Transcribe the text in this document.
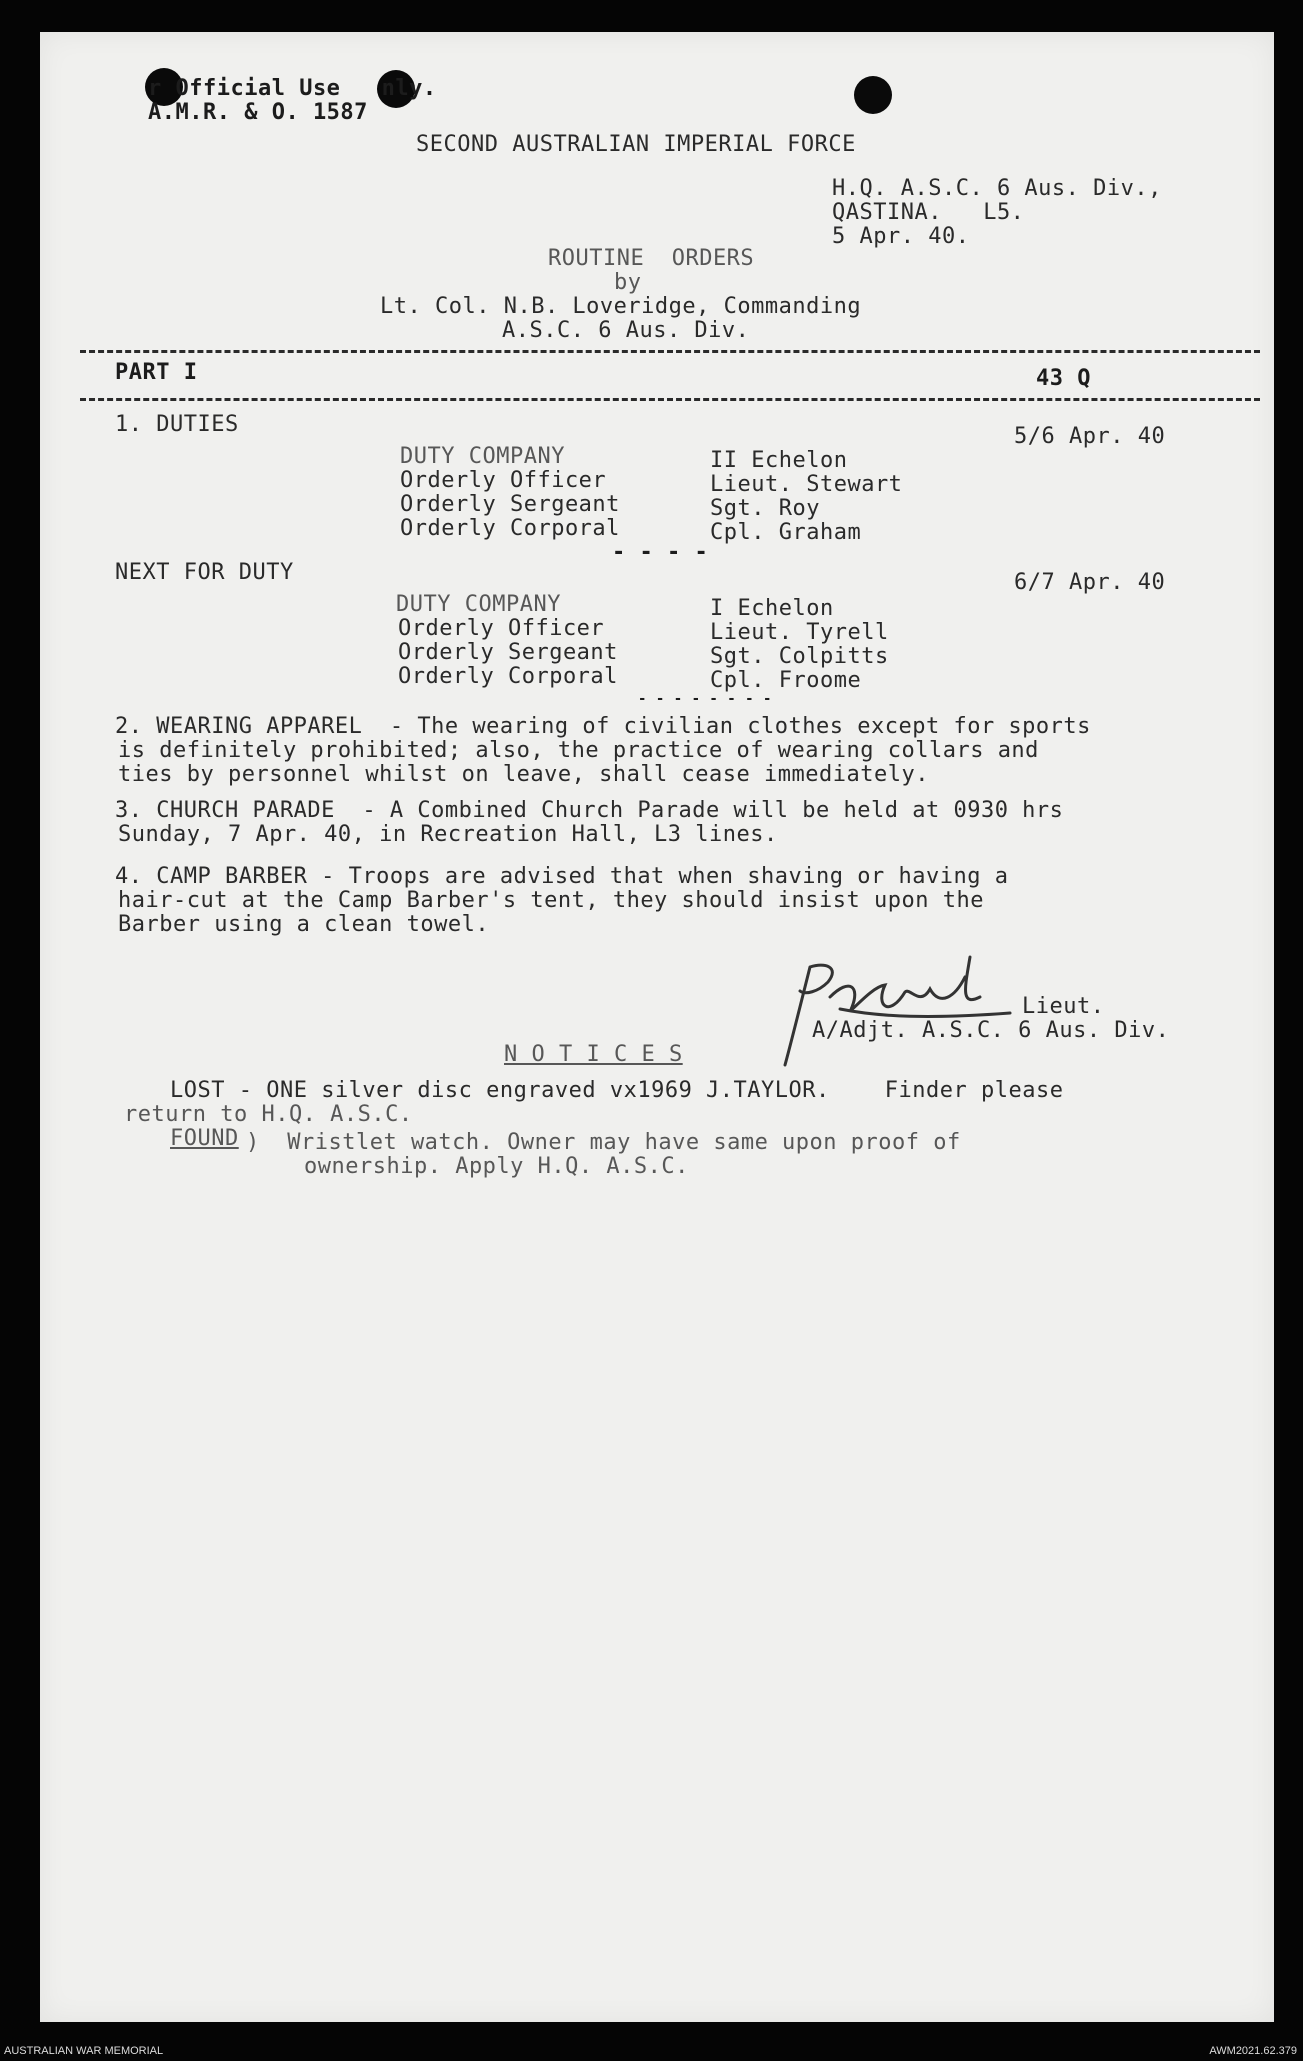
r Official Use   nly.
A.M.R. & O. 1587
SECOND AUSTRALIAN IMPERIAL FORCE
H.Q. A.S.C. 6 Aus. Div.,
QASTINA.   L5.
5 Apr. 40.
ROUTINE  ORDERS
by
Lt. Col. N.B. Loveridge, Commanding
A.S.C. 6 Aus. Div.
PART I	43 Q
1. DUTIES	5/6 Apr. 40
DUTY COMPANY	II Echelon
Orderly Officer	Lieut. Stewart
Orderly Sergeant	Sgt. Roy
Orderly Corporal	Cpl. Graham
- - - -
NEXT FOR DUTY	6/7 Apr. 40
DUTY COMPANY	I Echelon
Orderly Officer	Lieut. Tyrell
Orderly Sergeant	Sgt. Colpitts
Orderly Corporal	Cpl. Froome
- - - - - - - -
2. WEARING APPAREL  - The wearing of civilian clothes except for sports
is definitely prohibited; also, the practice of wearing collars and
ties by personnel whilst on leave, shall cease immediately.
3. CHURCH PARADE  - A Combined Church Parade will be held at 0930 hrs
Sunday, 7 Apr. 40, in Recreation Hall, L3 lines.
4. CAMP BARBER - Troops are advised that when shaving or having a
hair-cut at the Camp Barber's tent, they should insist upon the
Barber using a clean towel.
Lieut.
A/Adjt. A.S.C. 6 Aus. Div.
N O T I C E S
LOST - ONE silver disc engraved vx1969 J.TAYLOR.    Finder please
return to H.Q. A.S.C.
FOUND )  Wristlet watch. Owner may have same upon proof of
ownership. Apply H.Q. A.S.C.
AUSTRALIAN WAR MEMORIAL	AWM2021.62.379
